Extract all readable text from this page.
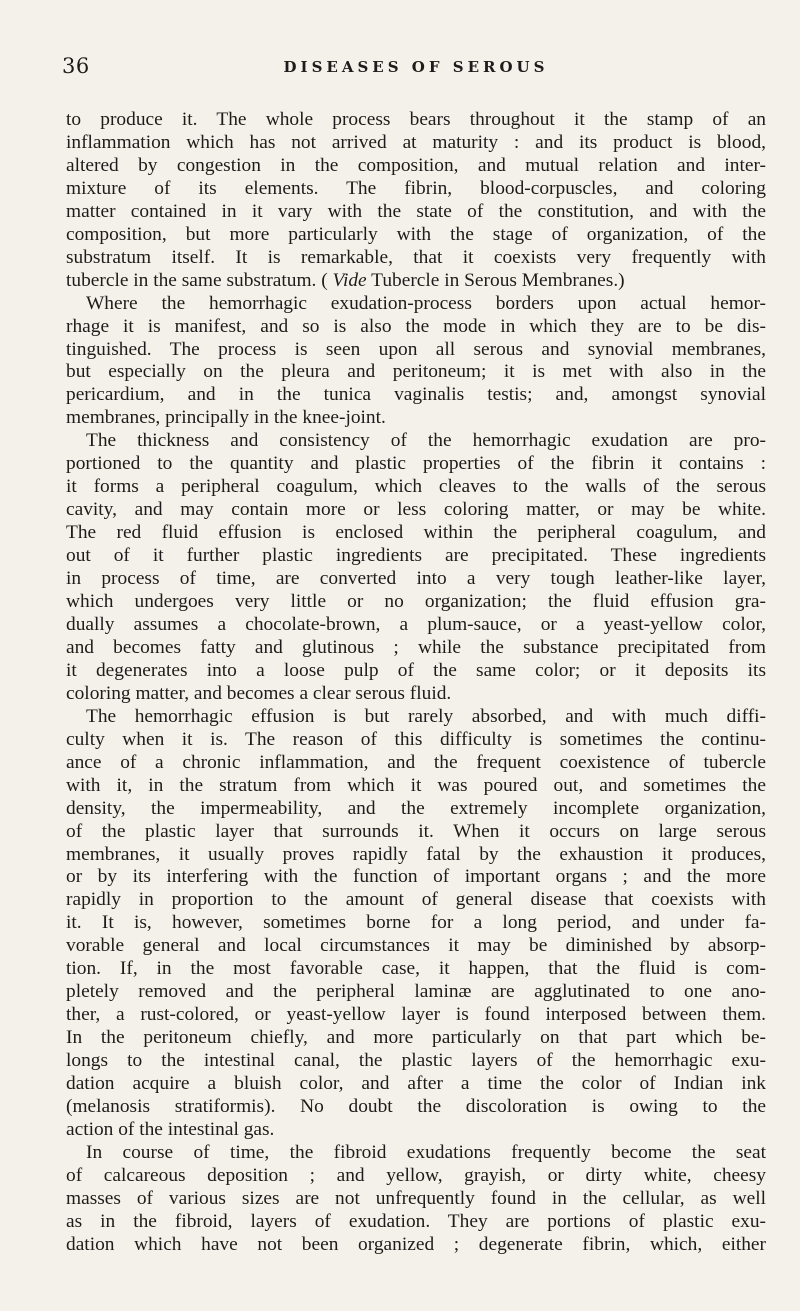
36	DISEASES OF SEROUS
to produce it. The whole process bears throughout it the stamp of an
inflammation which has not arrived at maturity : and its product is blood,
altered by congestion in the composition, and mutual relation and inter-
mixture of its elements. The fibrin, blood-corpuscles, and coloring
matter contained in it vary with the state of the constitution, and with the
composition, but more particularly with the stage of organization, of the
substratum itself. It is remarkable, that it coexists very frequently with
tubercle in the same substratum. ( Vide Tubercle in Serous Membranes.)
Where the hemorrhagic exudation-process borders upon actual hemor-
rhage it is manifest, and so is also the mode in which they are to be dis-
tinguished. The process is seen upon all serous and synovial membranes,
but especially on the pleura and peritoneum; it is met with also in the
pericardium, and in the tunica vaginalis testis; and, amongst synovial
membranes, principally in the knee-joint.
The thickness and consistency of the hemorrhagic exudation are pro-
portioned to the quantity and plastic properties of the fibrin it contains :
it forms a peripheral coagulum, which cleaves to the walls of the serous
cavity, and may contain more or less coloring matter, or may be white.
The red fluid effusion is enclosed within the peripheral coagulum, and
out of it further plastic ingredients are precipitated. These ingredients
in process of time, are converted into a very tough leather-like layer,
which undergoes very little or no organization; the fluid effusion gra-
dually assumes a chocolate-brown, a plum-sauce, or a yeast-yellow color,
and becomes fatty and glutinous ; while the substance precipitated from
it degenerates into a loose pulp of the same color; or it deposits its
coloring matter, and becomes a clear serous fluid.
The hemorrhagic effusion is but rarely absorbed, and with much diffi-
culty when it is. The reason of this difficulty is sometimes the continu-
ance of a chronic inflammation, and the frequent coexistence of tubercle
with it, in the stratum from which it was poured out, and sometimes the
density, the impermeability, and the extremely incomplete organization,
of the plastic layer that surrounds it. When it occurs on large serous
membranes, it usually proves rapidly fatal by the exhaustion it produces,
or by its interfering with the function of important organs ; and the more
rapidly in proportion to the amount of general disease that coexists with
it. It is, however, sometimes borne for a long period, and under fa-
vorable general and local circumstances it may be diminished by absorp-
tion. If, in the most favorable case, it happen, that the fluid is com-
pletely removed and the peripheral laminæ are agglutinated to one ano-
ther, a rust-colored, or yeast-yellow layer is found interposed between them.
In the peritoneum chiefly, and more particularly on that part which be-
longs to the intestinal canal, the plastic layers of the hemorrhagic exu-
dation acquire a bluish color, and after a time the color of Indian ink
(melanosis stratiformis). No doubt the discoloration is owing to the
action of the intestinal gas.
In course of time, the fibroid exudations frequently become the seat
of calcareous deposition ; and yellow, grayish, or dirty white, cheesy
masses of various sizes are not unfrequently found in the cellular, as well
as in the fibroid, layers of exudation. They are portions of plastic exu-
dation which have not been organized ; degenerate fibrin, which, either
